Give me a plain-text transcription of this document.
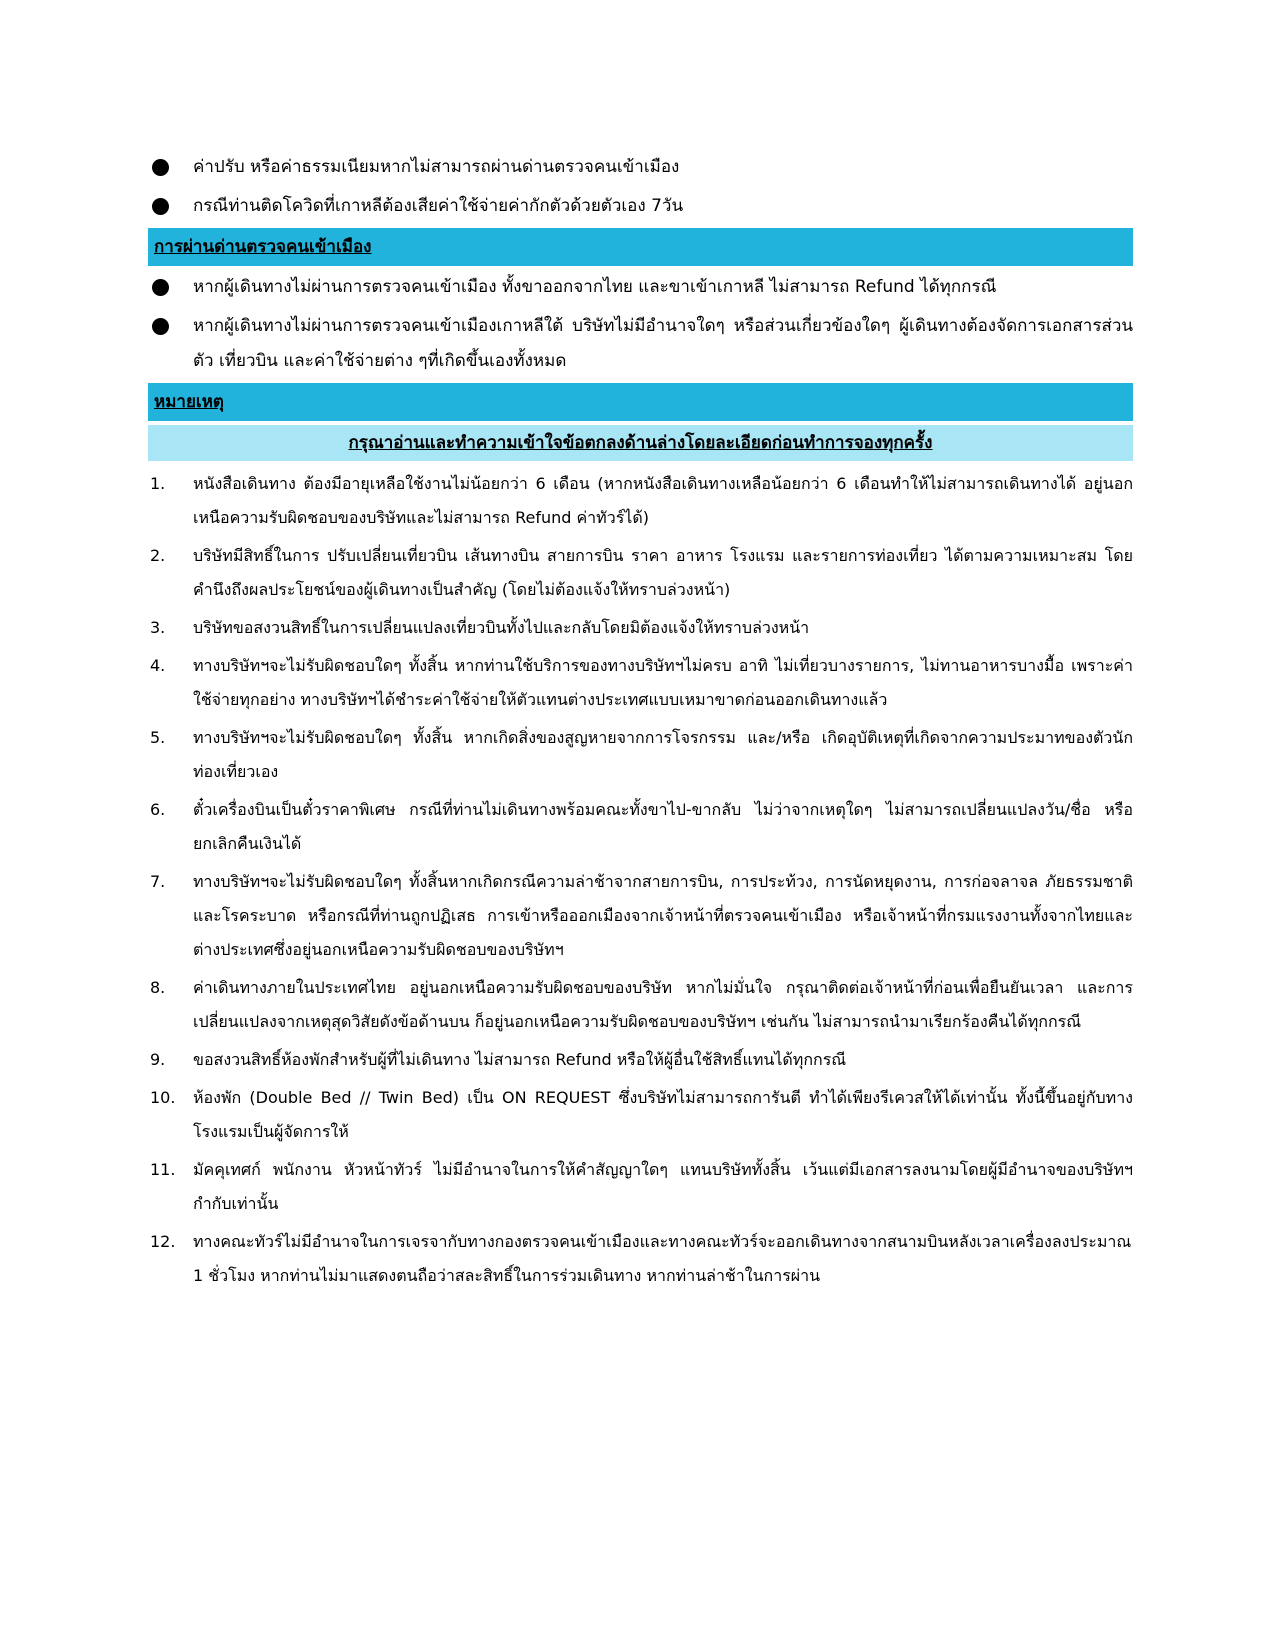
ค่าปรับ หรือค่าธรรมเนียมหากไม่สามารถผ่านด่านตรวจคนเข้าเมือง
กรณีท่านติดโควิดที่เกาหลีต้องเสียค่าใช้จ่ายค่ากักตัวด้วยตัวเอง 7วัน
การผ่านด่านตรวจคนเข้าเมือง
หากผู้เดินทางไม่ผ่านการตรวจคนเข้าเมือง ทั้งขาออกจากไทย และขาเข้าเกาหลี ไม่สามารถ Refund ได้ทุกกรณี
หากผู้เดินทางไม่ผ่านการตรวจคนเข้าเมืองเกาหลีใต้ บริษัทไม่มีอำนาจใดๆ หรือส่วนเกี่ยวข้องใดๆ ผู้เดินทางต้องจัดการเอกสารส่วนตัว เที่ยวบิน และค่าใช้จ่ายต่าง ๆที่เกิดขึ้นเองทั้งหมด
หมายเหตุ
กรุณาอ่านและทำความเข้าใจข้อตกลงด้านล่างโดยละเอียดก่อนทำการจองทุกครั้ง
1.	หนังสือเดินทาง ต้องมีอายุเหลือใช้งานไม่น้อยกว่า 6 เดือน (หากหนังสือเดินทางเหลือน้อยกว่า 6 เดือนทำให้ไม่สามารถเดินทางได้ อยู่นอกเหนือความรับผิดชอบของบริษัทและไม่สามารถ Refund ค่าทัวร์ได้)
2.	บริษัทมีสิทธิ์ในการ ปรับเปลี่ยนเที่ยวบิน เส้นทางบิน สายการบิน ราคา อาหาร โรงแรม และรายการท่องเที่ยว ได้ตามความเหมาะสม โดยคำนึงถึงผลประโยชน์ของผู้เดินทางเป็นสำคัญ (โดยไม่ต้องแจ้งให้ทราบล่วงหน้า)
3.	บริษัทขอสงวนสิทธิ์ในการเปลี่ยนแปลงเที่ยวบินทั้งไปและกลับโดยมิต้องแจ้งให้ทราบล่วงหน้า
4.	ทางบริษัทฯจะไม่รับผิดชอบใดๆ ทั้งสิ้น หากท่านใช้บริการของทางบริษัทฯไม่ครบ อาทิ ไม่เที่ยวบางรายการ, ไม่ทานอาหารบางมื้อ เพราะค่าใช้จ่ายทุกอย่าง ทางบริษัทฯได้ชำระค่าใช้จ่ายให้ตัวแทนต่างประเทศแบบเหมาขาดก่อนออกเดินทางแล้ว
5.	ทางบริษัทฯจะไม่รับผิดชอบใดๆ ทั้งสิ้น หากเกิดสิ่งของสูญหายจากการโจรกรรม และ/หรือ เกิดอุบัติเหตุที่เกิดจากความประมาทของตัวนักท่องเที่ยวเอง
6.	ตั๋วเครื่องบินเป็นตั๋วราคาพิเศษ กรณีที่ท่านไม่เดินทางพร้อมคณะทั้งขาไป-ขากลับ ไม่ว่าจากเหตุใดๆ ไม่สามารถเปลี่ยนแปลงวัน/ชื่อ หรือยกเลิกคืนเงินได้
7.	ทางบริษัทฯจะไม่รับผิดชอบใดๆ ทั้งสิ้นหากเกิดกรณีความล่าช้าจากสายการบิน, การประท้วง, การนัดหยุดงาน, การก่อจลาจล ภัยธรรมชาติ และโรคระบาด หรือกรณีที่ท่านถูกปฏิเสธ การเข้าหรือออกเมืองจากเจ้าหน้าที่ตรวจคนเข้าเมือง หรือเจ้าหน้าที่กรมแรงงานทั้งจากไทยและต่างประเทศซึ่งอยู่นอกเหนือความรับผิดชอบของบริษัทฯ
8.	ค่าเดินทางภายในประเทศไทย อยู่นอกเหนือความรับผิดชอบของบริษัท หากไม่มั่นใจ กรุณาติดต่อเจ้าหน้าที่ก่อนเพื่อยืนยันเวลา และการเปลี่ยนแปลงจากเหตุสุดวิสัยดังข้อด้านบน ก็อยู่นอกเหนือความรับผิดชอบของบริษัทฯ เช่นกัน ไม่สามารถนำมาเรียกร้องคืนได้ทุกกรณี
9.	ขอสงวนสิทธิ์ห้องพักสำหรับผู้ที่ไม่เดินทาง ไม่สามารถ Refund หรือให้ผู้อื่นใช้สิทธิ์แทนได้ทุกกรณี
10.	ห้องพัก (Double Bed // Twin Bed) เป็น ON REQUEST ซึ่งบริษัทไม่สามารถการันตี ทำได้เพียงรีเควสให้ได้เท่านั้น ทั้งนี้ขึ้นอยู่กับทางโรงแรมเป็นผู้จัดการให้
11.	มัคคุเทศก์ พนักงาน หัวหน้าทัวร์ ไม่มีอำนาจในการให้คำสัญญาใดๆ แทนบริษัททั้งสิ้น เว้นแต่มีเอกสารลงนามโดยผู้มีอำนาจของบริษัทฯกำกับเท่านั้น
12.	ทางคณะทัวร์ไม่มีอำนาจในการเจรจากับทางกองตรวจคนเข้าเมืองและทางคณะทัวร์จะออกเดินทางจากสนามบินหลังเวลาเครื่องลงประมาณ 1 ชั่วโมง หากท่านไม่มาแสดงตนถือว่าสละสิทธิ์ในการร่วมเดินทาง หากท่านล่าช้าในการผ่าน
